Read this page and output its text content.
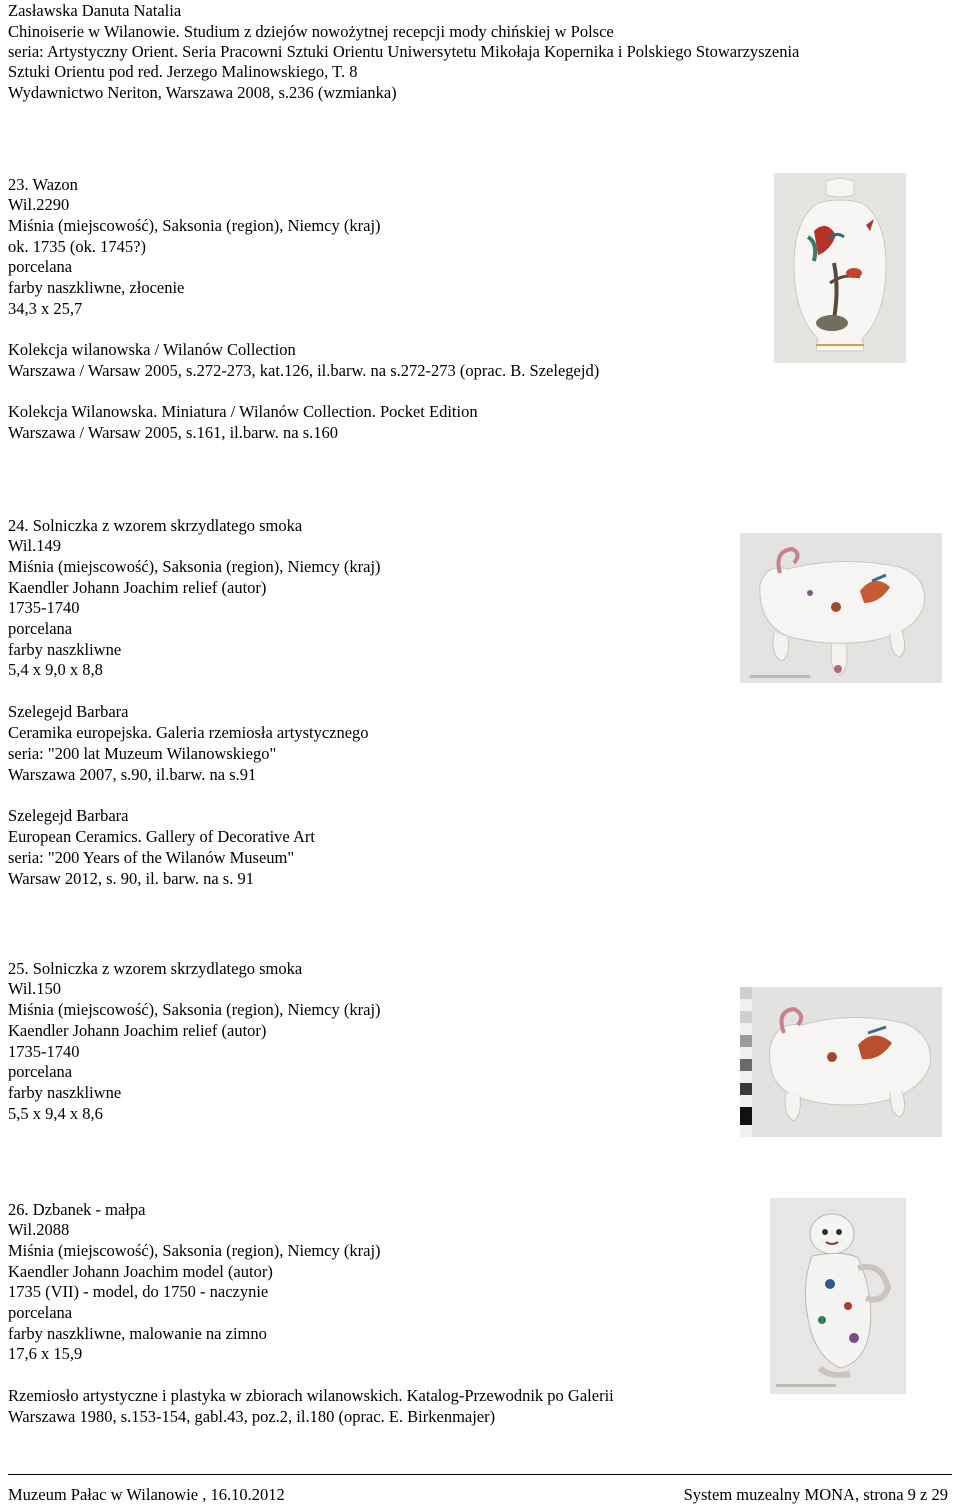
Zasławska Danuta Natalia
Chinoiserie w Wilanowie. Studium z dziejów nowożytnej recepcji mody chińskiej w Polsce
seria: Artystyczny Orient. Seria Pracowni Sztuki Orientu Uniwersytetu Mikołaja Kopernika i Polskiego Stowarzyszenia
Sztuki Orientu pod red. Jerzego Malinowskiego, T. 8
Wydawnictwo Neriton, Warszawa 2008, s.236 (wzmianka)
23. Wazon
Wil.2290
Miśnia (miejscowość), Saksonia (region), Niemcy (kraj)
ok. 1735 (ok. 1745?)
porcelana
farby naszkliwne, złocenie
34,3 x 25,7
Kolekcja wilanowska / Wilanów Collection
Warszawa / Warsaw 2005, s.272-273, kat.126, il.barw. na s.272-273 (oprac. B. Szelegejd)
Kolekcja Wilanowska. Miniatura / Wilanów Collection. Pocket Edition
Warszawa / Warsaw 2005, s.161, il.barw. na s.160
24. Solniczka z wzorem skrzydlatego smoka
Wil.149
Miśnia (miejscowość), Saksonia (region), Niemcy (kraj)
Kaendler Johann Joachim relief (autor)
1735-1740
porcelana
farby naszkliwne
5,4 x 9,0 x 8,8
Szelegejd Barbara
Ceramika europejska. Galeria rzemiosła artystycznego
seria: "200 lat Muzeum Wilanowskiego"
Warszawa 2007, s.90, il.barw. na s.91
Szelegejd Barbara
European Ceramics. Gallery of Decorative Art
seria: "200 Years of the Wilanów Museum"
Warsaw 2012, s. 90, il. barw. na s. 91
25. Solniczka z wzorem skrzydlatego smoka
Wil.150
Miśnia (miejscowość), Saksonia (region), Niemcy (kraj)
Kaendler Johann Joachim relief (autor)
1735-1740
porcelana
farby naszkliwne
5,5 x 9,4 x 8,6
26. Dzbanek - małpa
Wil.2088
Miśnia (miejscowość), Saksonia (region), Niemcy (kraj)
Kaendler Johann Joachim model (autor)
1735 (VII) - model, do 1750 - naczynie
porcelana
farby naszkliwne, malowanie na zimno
17,6 x 15,9
Rzemiosło artystyczne i plastyka w zbiorach wilanowskich. Katalog-Przewodnik po Galerii
Warszawa 1980, s.153-154, gabl.43, poz.2, il.180 (oprac. E. Birkenmajer)
Muzeum Pałac w Wilanowie , 16.10.2012	System muzealny MONA, strona 9 z 29
